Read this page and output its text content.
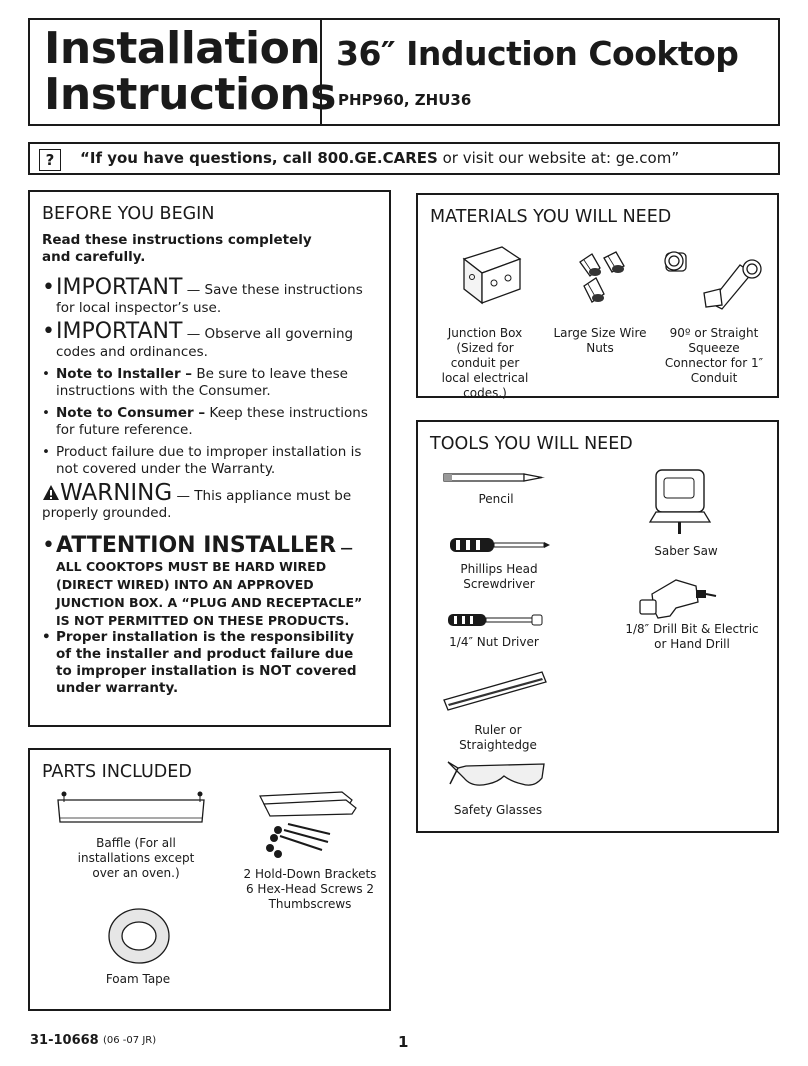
Installation
Instructions
36″ Induction Cooktop
PHP960, ZHU36
?	“If you have questions, call 800.GE.CARES or visit our website at: ge.com”
BEFORE YOU BEGIN
Read these instructions completely and carefully.
• IMPORTANT — Save these instructions for local inspector’s use.
• IMPORTANT — Observe all governing codes and ordinances.
• Note to Installer – Be sure to leave these instructions with the Consumer.
• Note to Consumer – Keep these instructions for future reference.
• Product failure due to improper installation is not covered under the Warranty.
WARNING — This appliance must be properly grounded.
• ATTENTION INSTALLER — ALL COOKTOPS MUST BE HARD WIRED (DIRECT WIRED) INTO AN APPROVED JUNCTION BOX. A “PLUG AND RECEPTACLE” IS NOT PERMITTED ON THESE PRODUCTS.
• Proper installation is the responsibility of the installer and product failure due to improper installation is NOT covered under warranty.
MATERIALS YOU WILL NEED
Junction Box (Sized for conduit per local electrical codes.)
Large Size Wire Nuts
90º or Straight Squeeze Connector for 1″ Conduit
TOOLS YOU WILL NEED
Pencil
Phillips Head Screwdriver
1/4″ Nut Driver
Ruler or Straightedge
Safety Glasses
Saber Saw
1/8″ Drill Bit & Electric or Hand Drill
PARTS INCLUDED
Baffle (For all installations except over an oven.)	2 Hold-Down Brackets 6 Hex-Head Screws 2 Thumbscrews
Foam Tape
31-10668 (06 -07 JR)	1
